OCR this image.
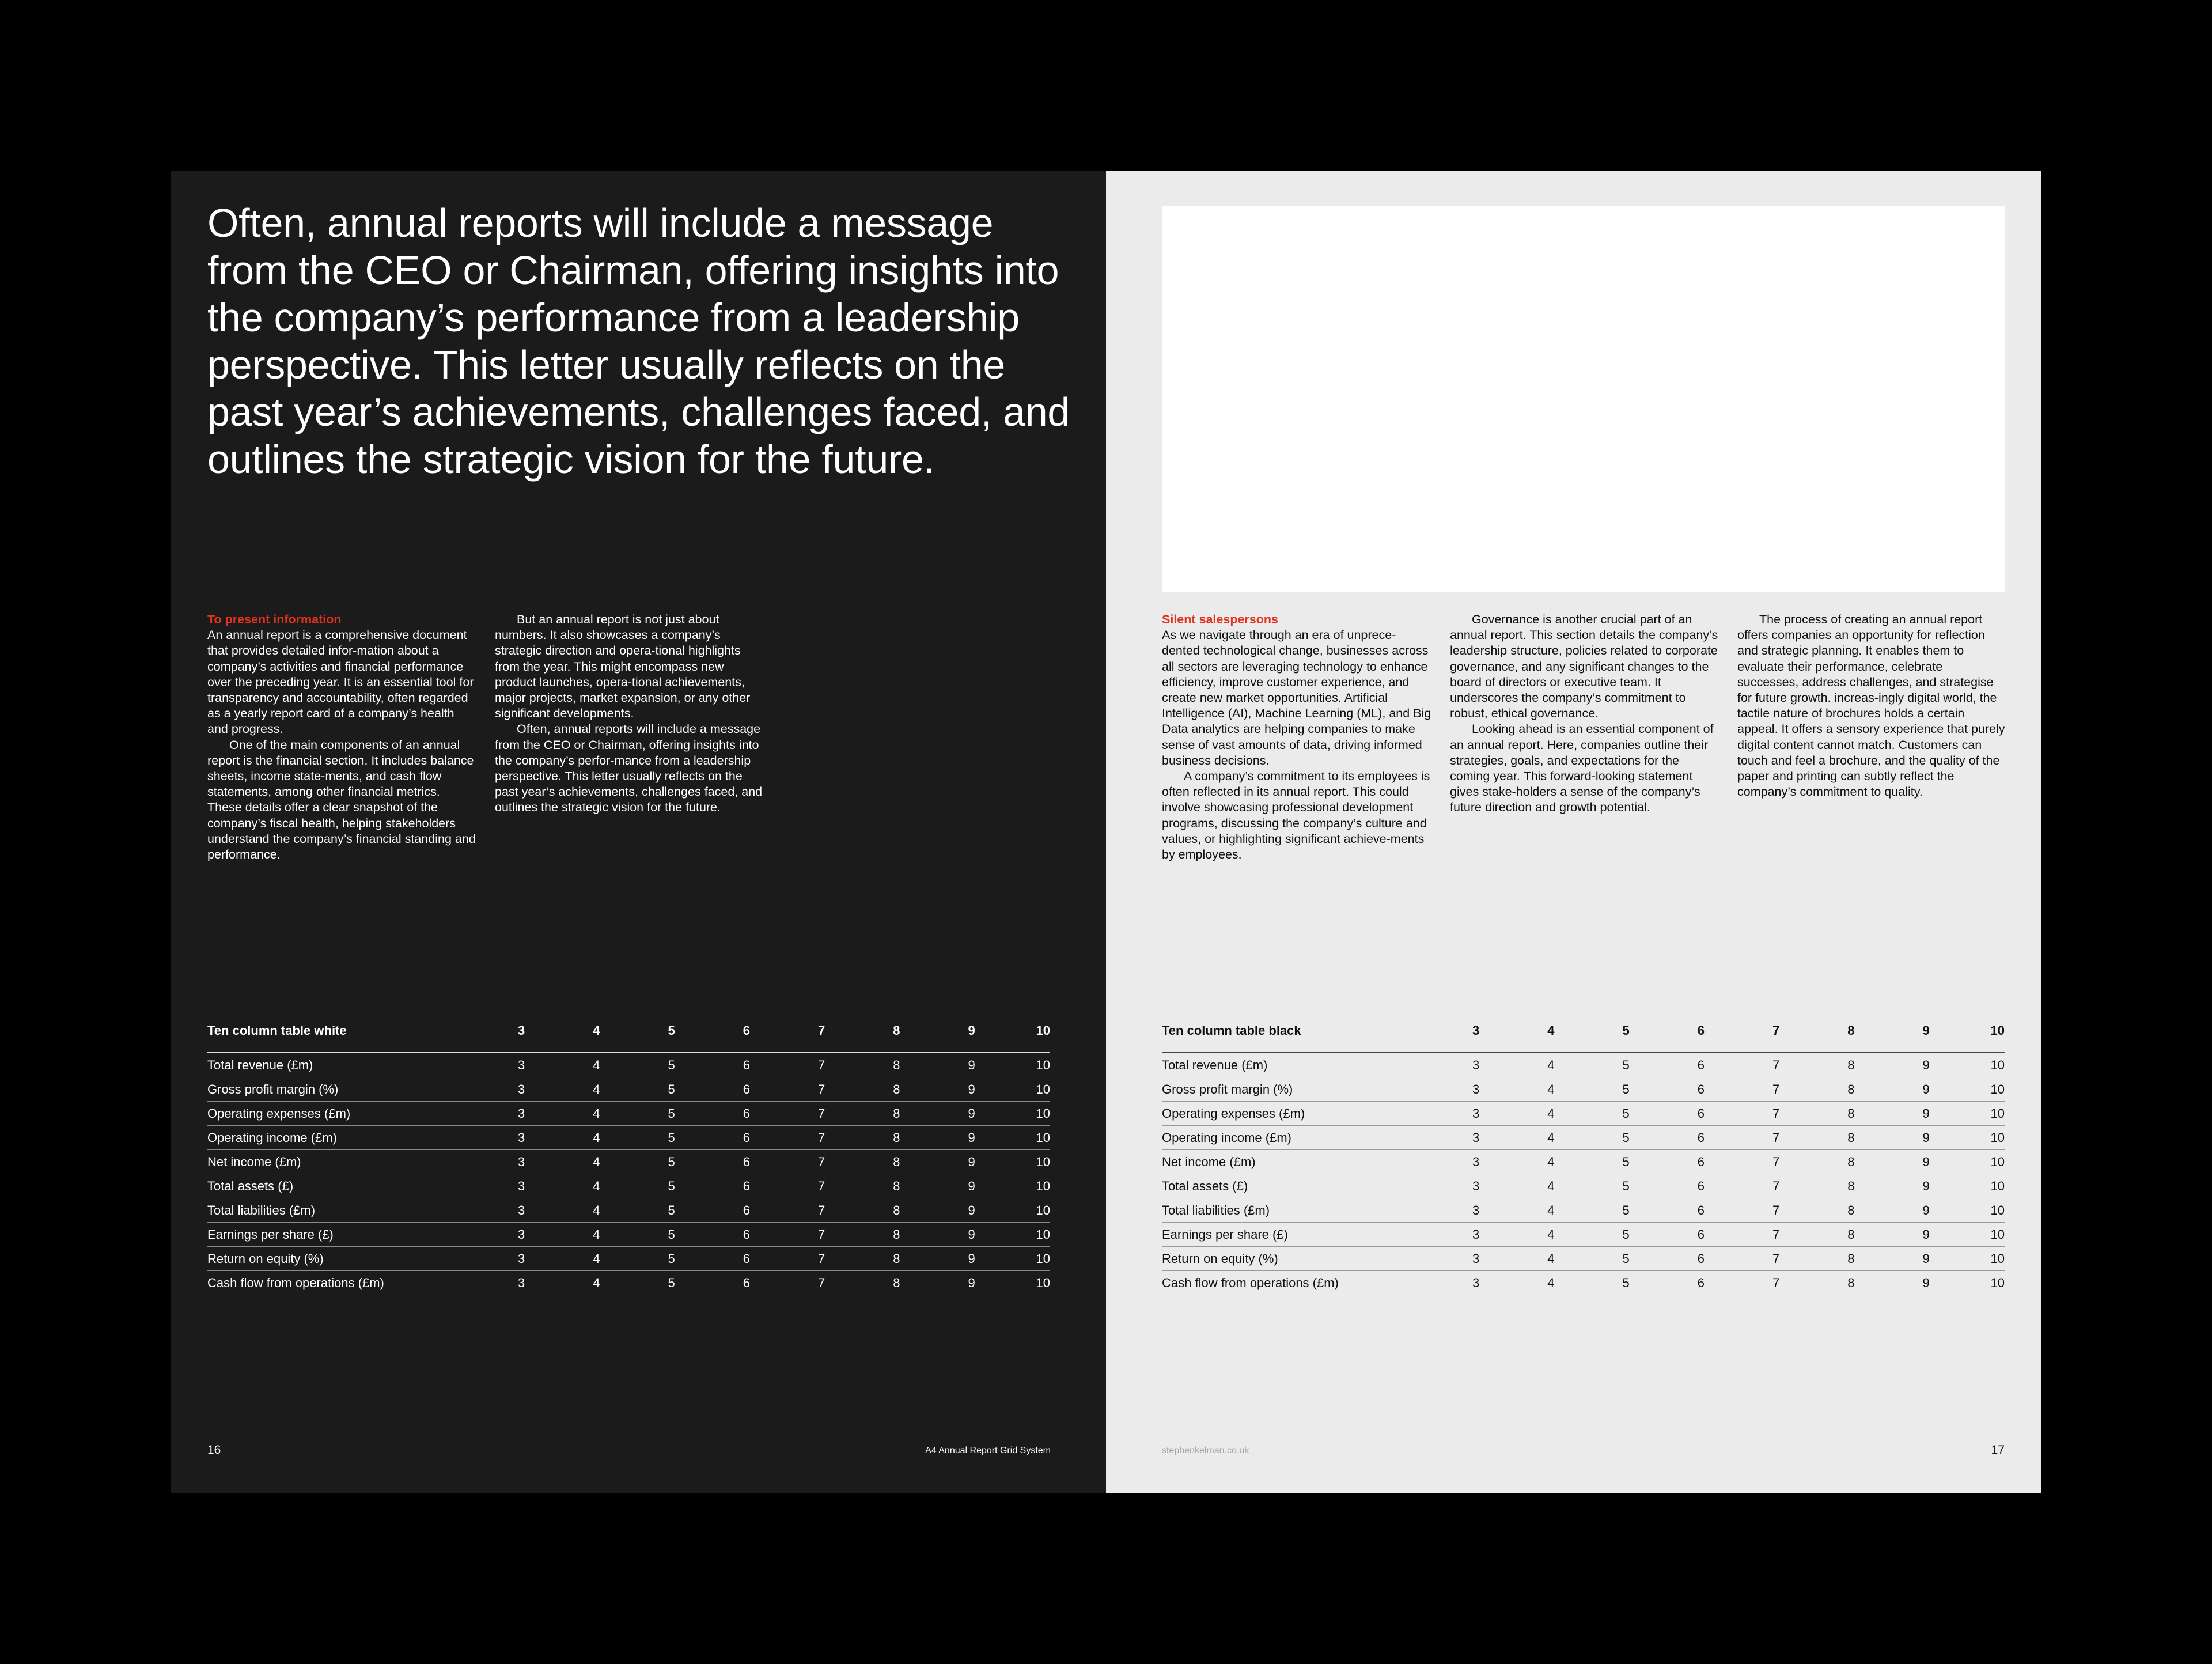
Often, annual reports will include a message from the CEO or Chairman, offering insights into the company’s performance from a leadership perspective. This letter usually reflects on the past year’s achievements, challenges faced, and outlines the strategic vision for the future.
To present information

An annual report is a comprehensive document that provides detailed infor-mation about a company’s activities and financial performance over the preceding year. It is an essential tool for transparency and accountability, often regarded as a yearly report card of a company’s health and progress.

One of the main components of an annual report is the financial section. It includes balance sheets, income state-ments, and cash flow statements, among other financial metrics. These details offer a clear snapshot of the company’s fiscal health, helping stakeholders understand the company’s financial standing and performance.

But an annual report is not just about numbers. It also showcases a company’s strategic direction and opera-tional highlights from the year. This might encompass new product launches, opera-tional achievements, major projects, market expansion, or any other significant developments.

Often, annual reports will include a message from the CEO or Chairman, offering insights into the company’s perfor-mance from a leadership perspective. This letter usually reflects on the past year’s achievements, challenges faced, and outlines the strategic vision for the future.

Ten column table white	3	4	5	6	7	8	9	10
Total revenue (£m)	3	4	5	6	7	8	9	10
Gross profit margin (%)	3	4	5	6	7	8	9	10
Operating expenses (£m)	3	4	5	6	7	8	9	10
Operating income (£m)	3	4	5	6	7	8	9	10
Net income (£m)	3	4	5	6	7	8	9	10
Total assets (£)	3	4	5	6	7	8	9	10
Total liabilities (£m)	3	4	5	6	7	8	9	10
Earnings per share (£)	3	4	5	6	7	8	9	10
Return on equity (%)	3	4	5	6	7	8	9	10
Cash flow from operations (£m)	3	4	5	6	7	8	9	10

16	A4 Annual Report Grid System

Silent salespersons

As we navigate through an era of unprece-dented technological change, businesses across all sectors are leveraging technology to enhance efficiency, improve customer experience, and create new market opportunities. Artificial Intelligence (AI), Machine Learning (ML), and Big Data analytics are helping companies to make sense of vast amounts of data, driving informed business decisions.

A company’s commitment to its employees is often reflected in its annual report. This could involve showcasing professional development programs, discussing the company’s culture and values, or highlighting significant achieve-ments by employees.

Governance is another crucial part of an annual report. This section details the company’s leadership structure, policies related to corporate governance, and any significant changes to the board of directors or executive team. It underscores the company’s commitment to robust, ethical governance.

Looking ahead is an essential component of an annual report. Here, companies outline their strategies, goals, and expectations for the coming year. This forward-looking statement gives stake-holders a sense of the company’s future direction and growth potential.

The process of creating an annual report offers companies an opportunity for reflection and strategic planning. It enables them to evaluate their performance, celebrate successes, address challenges, and strategise for future growth. increas-ingly digital world, the tactile nature of brochures holds a certain appeal. It offers a sensory experience that purely digital content cannot match. Customers can touch and feel a brochure, and the quality of the paper and printing can subtly reflect the company’s commitment to quality.

Ten column table black	3	4	5	6	7	8	9	10
Total revenue (£m)	3	4	5	6	7	8	9	10
Gross profit margin (%)	3	4	5	6	7	8	9	10
Operating expenses (£m)	3	4	5	6	7	8	9	10
Operating income (£m)	3	4	5	6	7	8	9	10
Net income (£m)	3	4	5	6	7	8	9	10
Total assets (£)	3	4	5	6	7	8	9	10
Total liabilities (£m)	3	4	5	6	7	8	9	10
Earnings per share (£)	3	4	5	6	7	8	9	10
Return on equity (%)	3	4	5	6	7	8	9	10
Cash flow from operations (£m)	3	4	5	6	7	8	9	10

stephenkelman.co.uk	17
